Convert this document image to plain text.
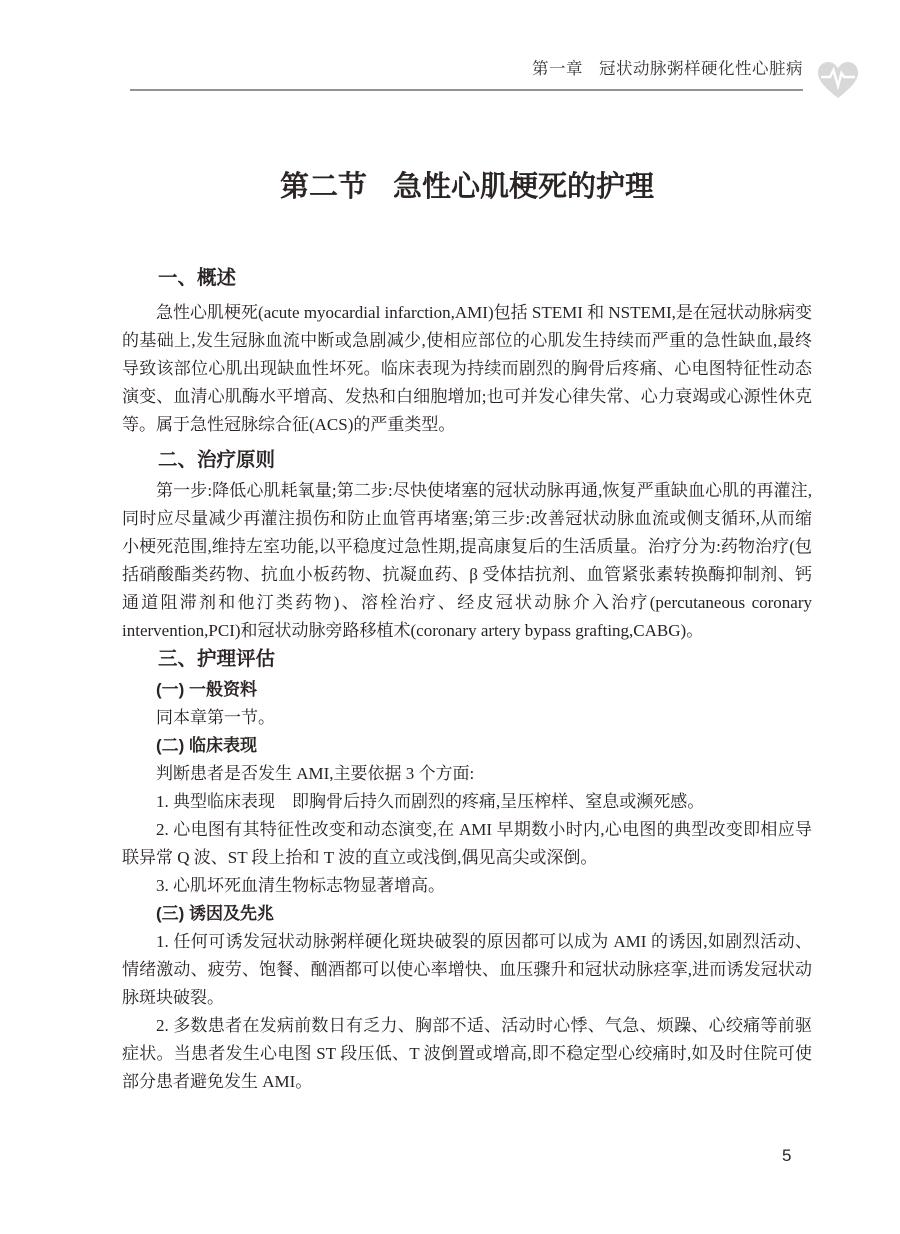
第一章 冠状动脉粥样硬化性心脏病
第二节 急性心肌梗死的护理
一、概述

急性心肌梗死(acute myocardial infarction,AMI)包括 STEMI 和 NSTEMI,是在冠状动脉病变的基础上,发生冠脉血流中断或急剧减少,使相应部位的心肌发生持续而严重的急性缺血,最终导致该部位心肌出现缺血性坏死。临床表现为持续而剧烈的胸骨后疼痛、心电图特征性动态演变、血清心肌酶水平增高、发热和白细胞增加;也可并发心律失常、心力衰竭或心源性休克等。属于急性冠脉综合征(ACS)的严重类型。

二、治疗原则

第一步:降低心肌耗氧量;第二步:尽快使堵塞的冠状动脉再通,恢复严重缺血心肌的再灌注,同时应尽量减少再灌注损伤和防止血管再堵塞;第三步:改善冠状动脉血流或侧支循环,从而缩小梗死范围,维持左室功能,以平稳度过急性期,提高康复后的生活质量。治疗分为:药物治疗(包括硝酸酯类药物、抗血小板药物、抗凝血药、β 受体拮抗剂、血管紧张素转换酶抑制剂、钙通道阻滞剂和他汀类药物)、溶栓治疗、经皮冠状动脉介入治疗(percutaneous coronary intervention,PCI)和冠状动脉旁路移植术(coronary artery bypass grafting,CABG)。

三、护理评估
(一) 一般资料

同本章第一节。

(二) 临床表现

判断患者是否发生 AMI,主要依据 3 个方面:

1. 典型临床表现　即胸骨后持久而剧烈的疼痛,呈压榨样、窒息或濒死感。

2. 心电图有其特征性改变和动态演变,在 AMI 早期数小时内,心电图的典型改变即相应导联异常 Q 波、ST 段上抬和 T 波的直立或浅倒,偶见高尖或深倒。

3. 心肌坏死血清生物标志物显著增高。

(三) 诱因及先兆

1. 任何可诱发冠状动脉粥样硬化斑块破裂的原因都可以成为 AMI 的诱因,如剧烈活动、情绪激动、疲劳、饱餐、酗酒都可以使心率增快、血压骤升和冠状动脉痉挛,进而诱发冠状动脉斑块破裂。

2. 多数患者在发病前数日有乏力、胸部不适、活动时心悸、气急、烦躁、心绞痛等前驱症状。当患者发生心电图 ST 段压低、T 波倒置或增高,即不稳定型心绞痛时,如及时住院可使部分患者避免发生 AMI。

5
